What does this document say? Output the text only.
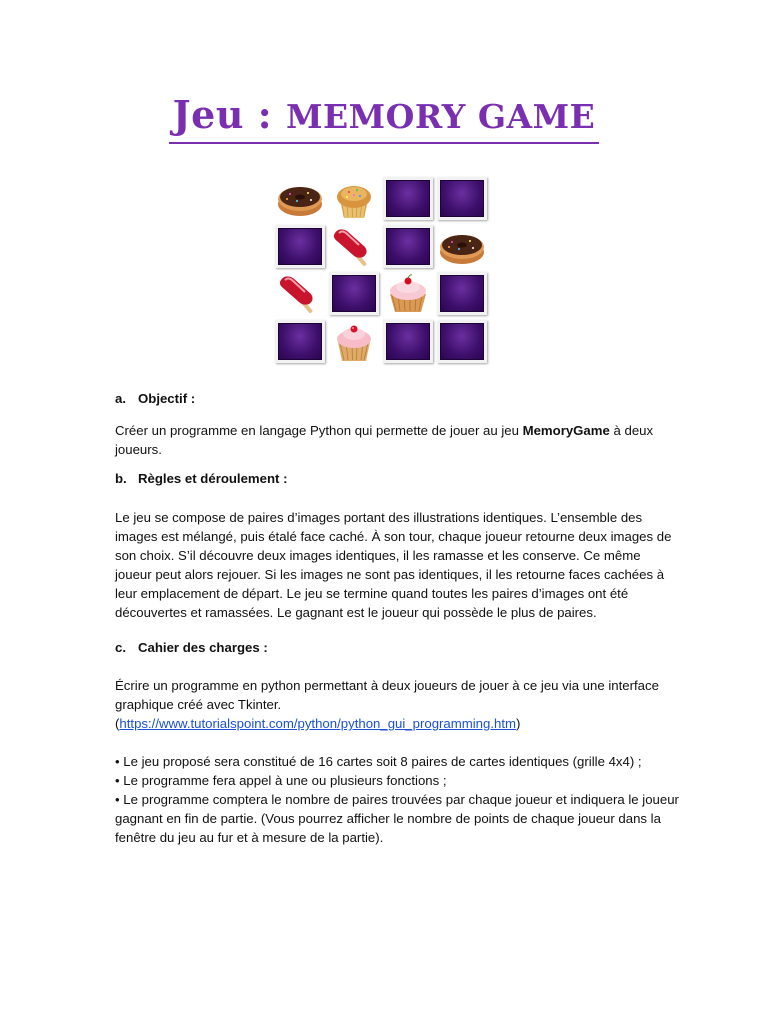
Jeu : MEMORY GAME
a. Objectif :

Créer un programme en langage Python qui permette de jouer au jeu MemoryGame à deux joueurs.

b. Règles et déroulement :

Le jeu se compose de paires d’images portant des illustrations identiques. L’ensemble des images est mélangé, puis étalé face caché. À son tour, chaque joueur retourne deux images de son choix. S’il découvre deux images identiques, il les ramasse et les conserve. Ce même joueur peut alors rejouer. Si les images ne sont pas identiques, il les retourne faces cachées à leur emplacement de départ. Le jeu se termine quand toutes les paires d’images ont été découvertes et ramassées. Le gagnant est le joueur qui possède le plus de paires.

c. Cahier des charges :

Écrire un programme en python permettant à deux joueurs de jouer à ce jeu via une interface graphique créé avec Tkinter.

(https://www.tutorialspoint.com/python/python_gui_programming.htm)

• Le jeu proposé sera constitué de 16 cartes soit 8 paires de cartes identiques (grille 4x4) ;

• Le programme fera appel à une ou plusieurs fonctions ;

• Le programme comptera le nombre de paires trouvées par chaque joueur et indiquera le joueur gagnant en fin de partie. (Vous pourrez afficher le nombre de points de chaque joueur dans la fenêtre du jeu au fur et à mesure de la partie).
